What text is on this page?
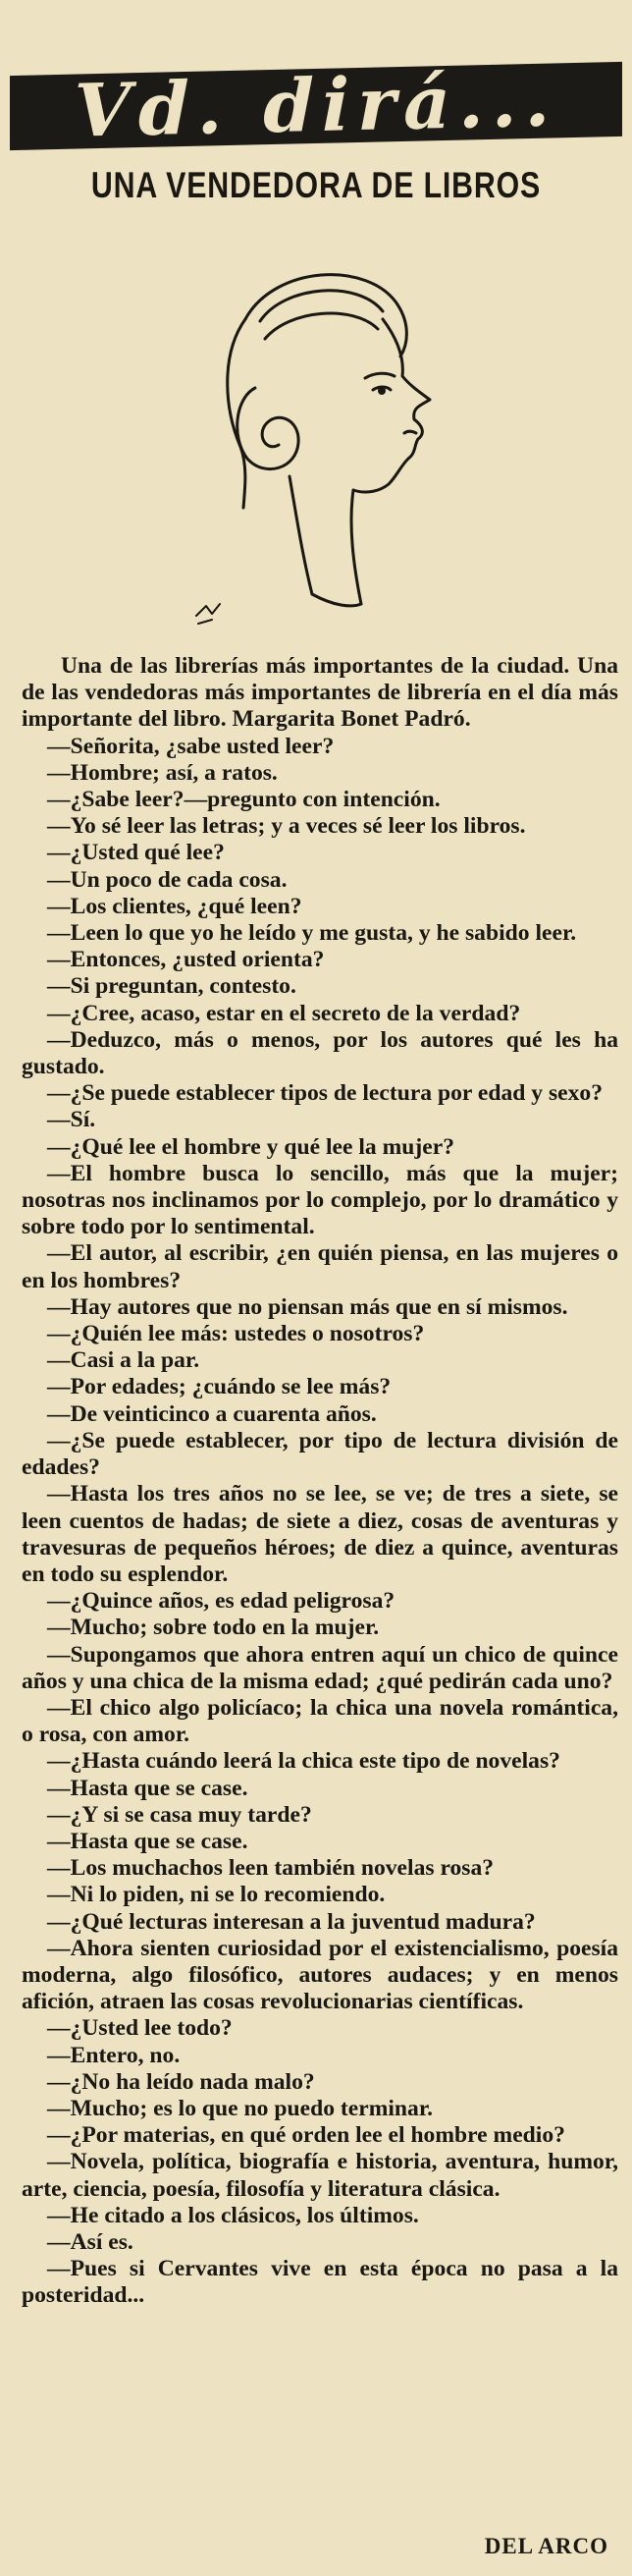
Vd. dirá...
UNA VENDEDORA DE LIBROS

Una de las librerías más importantes de la ciudad. Una de las vendedoras más importantes de librería en el día más importante del libro. Margarita Bonet Padró.

—Señorita, ¿sabe usted leer?

—Hombre; así, a ratos.

—¿Sabe leer?—pregunto con intención.

—Yo sé leer las letras; y a veces sé leer los libros.

—¿Usted qué lee?

—Un poco de cada cosa.

—Los clientes, ¿qué leen?

—Leen lo que yo he leído y me gusta, y he sabido leer.

—Entonces, ¿usted orienta?

—Si preguntan, contesto.

—¿Cree, acaso, estar en el secreto de la verdad?

—Deduzco, más o menos, por los autores qué les ha gustado.

—¿Se puede establecer tipos de lectura por edad y sexo?

—Sí.

—¿Qué lee el hombre y qué lee la mujer?

—El hombre busca lo sencillo, más que la mujer; nosotras nos inclinamos por lo complejo, por lo dramático y sobre todo por lo sentimental.

—El autor, al escribir, ¿en quién piensa, en las mujeres o en los hombres?

—Hay autores que no piensan más que en sí mismos.

—¿Quién lee más: ustedes o nosotros?

—Casi a la par.

—Por edades; ¿cuándo se lee más?

—De veinticinco a cuarenta años.

—¿Se puede establecer, por tipo de lectura división de edades?

—Hasta los tres años no se lee, se ve; de tres a siete, se leen cuentos de hadas; de siete a diez, cosas de aventuras y travesuras de pequeños héroes; de diez a quince, aventuras en todo su esplendor.

—¿Quince años, es edad peligrosa?

—Mucho; sobre todo en la mujer.

—Supongamos que ahora entren aquí un chico de quince años y una chica de la misma edad; ¿qué pedirán cada uno?

—El chico algo policíaco; la chica una novela romántica, o rosa, con amor.

—¿Hasta cuándo leerá la chica este tipo de novelas?

—Hasta que se case.

—¿Y si se casa muy tarde?

—Hasta que se case.

—Los muchachos leen también novelas rosa?

—Ni lo piden, ni se lo recomiendo.

—¿Qué lecturas interesan a la juventud madura?

—Ahora sienten curiosidad por el existencialismo, poesía moderna, algo filosófico, autores audaces; y en menos afición, atraen las cosas revolucionarias científicas.

—¿Usted lee todo?

—Entero, no.

—¿No ha leído nada malo?

—Mucho; es lo que no puedo terminar.

—¿Por materias, en qué orden lee el hombre medio?

—Novela, política, biografía e historia, aventura, humor, arte, ciencia, poesía, filosofía y literatura clásica.

—He citado a los clásicos, los últimos.

—Así es.

—Pues si Cervantes vive en esta época no pasa a la posteridad...

DEL ARCO
